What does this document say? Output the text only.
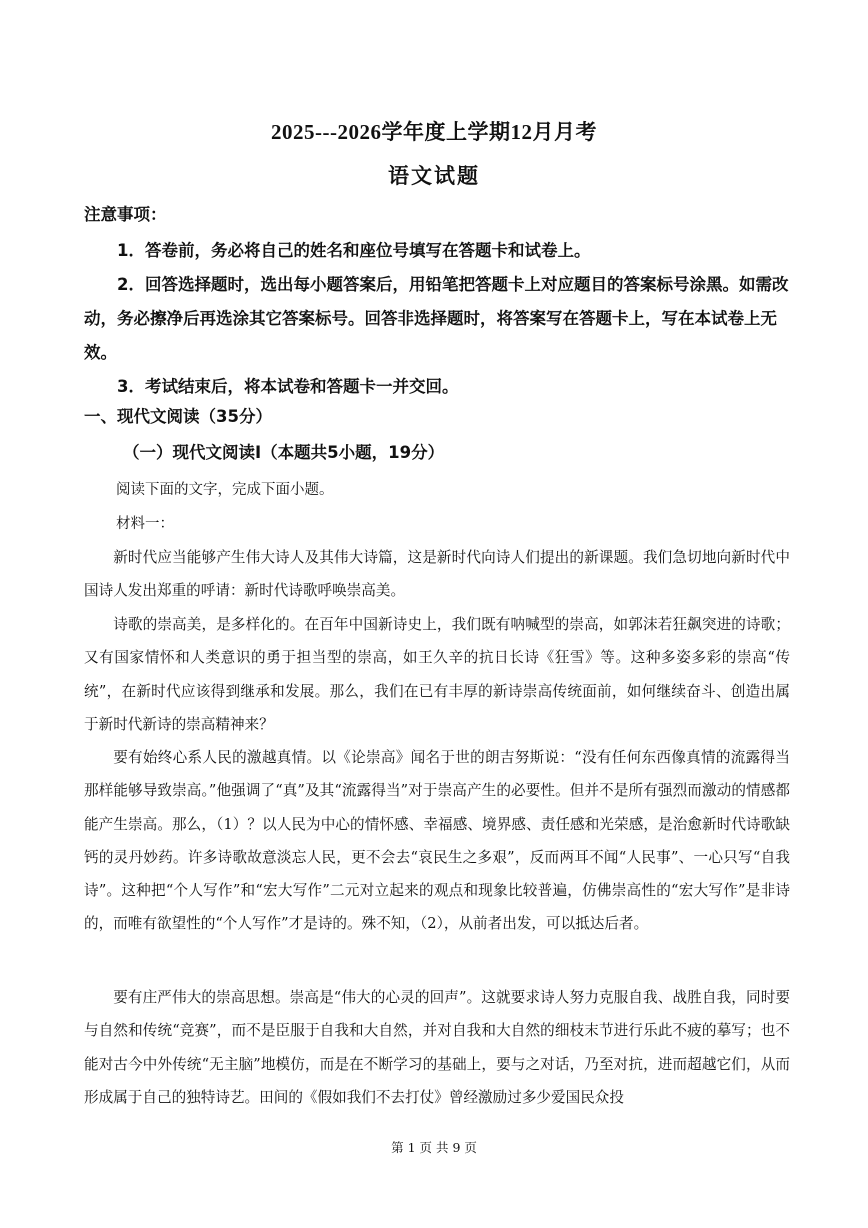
2025---2026学年度上学期12月月考
语文试题
注意事项：
1．答卷前，务必将自己的姓名和座位号填写在答题卡和试卷上。
2．回答选择题时，选出每小题答案后，用铅笔把答题卡上对应题目的答案标号涂黑。如需改动，务必擦净后再选涂其它答案标号。回答非选择题时，将答案写在答题卡上，写在本试卷上无效。
3．考试结束后，将本试卷和答题卡一并交回。
一、现代文阅读（35分）
（一）现代文阅读Ⅰ（本题共5小题，19分）
阅读下面的文字，完成下面小题。
材料一：
新时代应当能够产生伟大诗人及其伟大诗篇，这是新时代向诗人们提出的新课题。我们急切地向新时代中国诗人发出郑重的呼请：新时代诗歌呼唤崇高美。
诗歌的崇高美，是多样化的。在百年中国新诗史上，我们既有呐喊型的崇高，如郭沫若狂飙突进的诗歌；又有国家情怀和人类意识的勇于担当型的崇高，如王久辛的抗日长诗《狂雪》等。这种多姿多彩的崇高“传统”，在新时代应该得到继承和发展。那么，我们在已有丰厚的新诗崇高传统面前，如何继续奋斗、创造出属于新时代新诗的崇高精神来？
要有始终心系人民的激越真情。以《论崇高》闻名于世的朗吉努斯说：“没有任何东西像真情的流露得当那样能够导致崇高。”他强调了“真”及其“流露得当”对于崇高产生的必要性。但并不是所有强烈而激动的情感都能产生崇高。那么，（1）？以人民为中心的情怀感、幸福感、境界感、责任感和光荣感，是治愈新时代诗歌缺钙的灵丹妙药。许多诗歌故意淡忘人民，更不会去“哀民生之多艰”，反而两耳不闻“人民事”、一心只写“自我诗”。这种把“个人写作”和“宏大写作”二元对立起来的观点和现象比较普遍，仿佛崇高性的“宏大写作”是非诗的，而唯有欲望性的“个人写作”才是诗的。殊不知，（2），从前者出发，可以抵达后者。
要有庄严伟大的崇高思想。崇高是“伟大的心灵的回声”。这就要求诗人努力克服自我、战胜自我，同时要与自然和传统“竞赛”，而不是臣服于自我和大自然，并对自我和大自然的细枝末节进行乐此不疲的摹写；也不能对古今中外传统“无主脑”地模仿，而是在不断学习的基础上，要与之对话，乃至对抗，进而超越它们，从而形成属于自己的独特诗艺。田间的《假如我们不去打仗》曾经激励过多少爱国民众投
第 1 页 共 9 页
